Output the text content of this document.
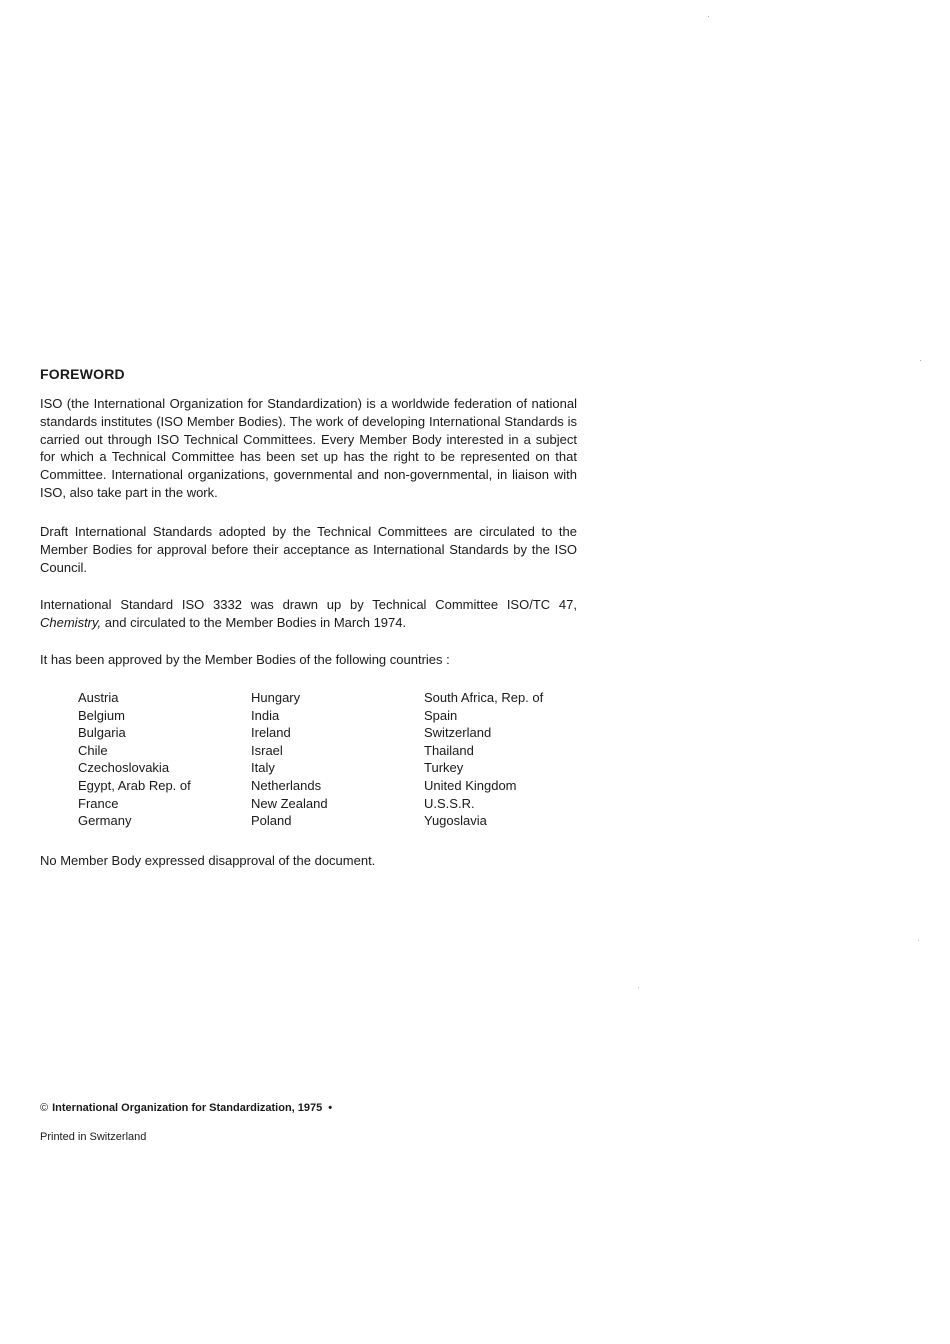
FOREWORD

ISO (the International Organization for Standardization) is a worldwide federation of national standards institutes (ISO Member Bodies). The work of developing International Standards is carried out through ISO Technical Committees. Every Member Body interested in a subject for which a Technical Committee has been set up has the right to be represented on that Committee. International organizations, governmental and non-governmental, in liaison with ISO, also take part in the work.

Draft International Standards adopted by the Technical Committees are circulated to the Member Bodies for approval before their acceptance as International Standards by the ISO Council.

International Standard ISO 3332 was drawn up by Technical Committee ISO/TC 47, Chemistry, and circulated to the Member Bodies in March 1974.

It has been approved by the Member Bodies of the following countries :

Austria
Belgium
Bulgaria
Chile
Czechoslovakia
Egypt, Arab Rep. of
France
Germany
Hungary
India
Ireland
Israel
Italy
Netherlands
New Zealand
Poland
South Africa, Rep. of
Spain
Switzerland
Thailand
Turkey
United Kingdom
U.S.S.R.
Yugoslavia

No Member Body expressed disapproval of the document.

© International Organization for Standardization, 1975 •
Printed in Switzerland
